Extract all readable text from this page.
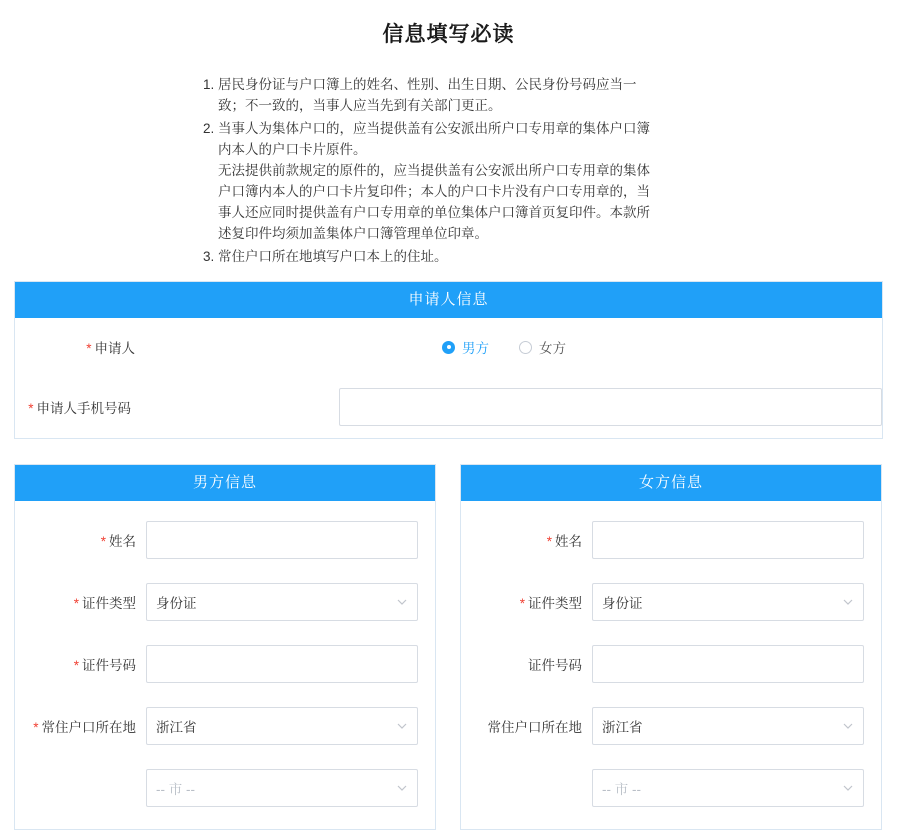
信息填写必读

1. 居民身份证与户口簿上的姓名、性别、出生日期、公民身份号码应当一

致；不一致的，当事人应当先到有关部门更正。

2. 当事人为集体户口的，应当提供盖有公安派出所户口专用章的集体户口簿

内本人的户口卡片原件。

无法提供前款规定的原件的，应当提供盖有公安派出所户口专用章的集体

户口簿内本人的户口卡片复印件；本人的户口卡片没有户口专用章的，当

事人还应同时提供盖有户口专用章的单位集体户口簿首页复印件。本款所

述复印件均须加盖集体户口簿管理单位印章。

3. 常住户口所在地填写户口本上的住址。

申请人信息
* 申请人	男方	女方
* 申请人手机号码
男方信息
* 姓名
* 证件类型	身份证
* 证件号码
* 常住户口所在地	浙江省
-- 市 --
女方信息
* 姓名
* 证件类型	身份证
证件号码
常住户口所在地	浙江省
-- 市 --
